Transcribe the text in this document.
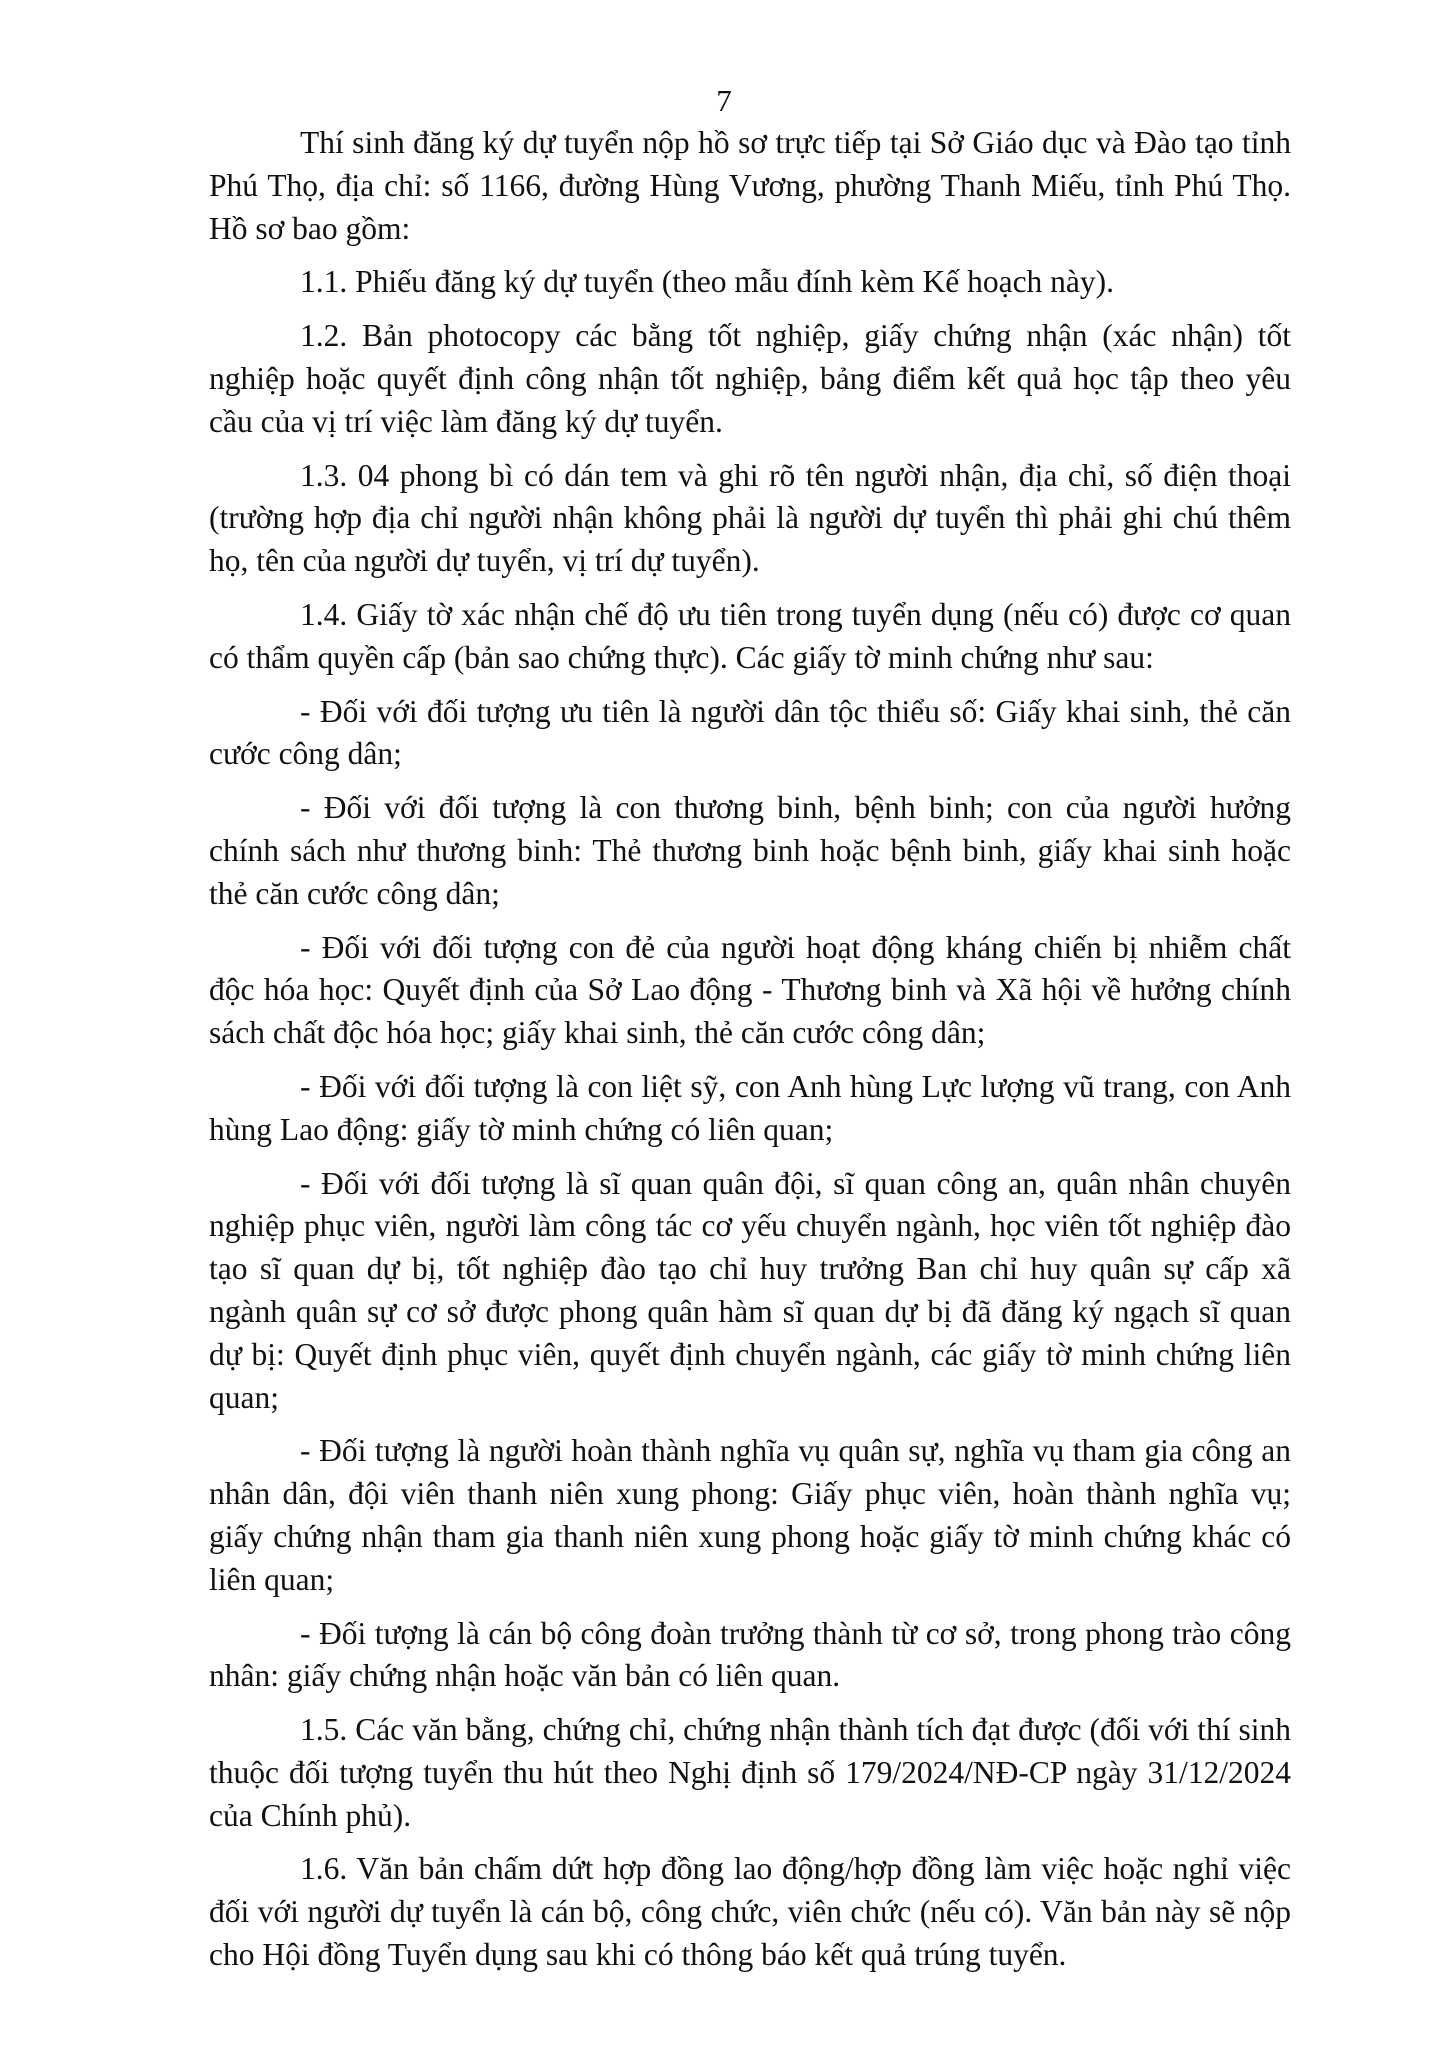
7

Thí sinh đăng ký dự tuyển nộp hồ sơ trực tiếp tại Sở Giáo dục và Đào tạo tỉnh Phú Thọ, địa chỉ: số 1166, đường Hùng Vương, phường Thanh Miếu, tỉnh Phú Thọ. Hồ sơ bao gồm:

1.1. Phiếu đăng ký dự tuyển (theo mẫu đính kèm Kế hoạch này).

1.2. Bản photocopy các bằng tốt nghiệp, giấy chứng nhận (xác nhận) tốt nghiệp hoặc quyết định công nhận tốt nghiệp, bảng điểm kết quả học tập theo yêu cầu của vị trí việc làm đăng ký dự tuyển.

1.3. 04 phong bì có dán tem và ghi rõ tên người nhận, địa chỉ, số điện thoại (trường hợp địa chỉ người nhận không phải là người dự tuyển thì phải ghi chú thêm họ, tên của người dự tuyển, vị trí dự tuyển).

1.4. Giấy tờ xác nhận chế độ ưu tiên trong tuyển dụng (nếu có) được cơ quan có thẩm quyền cấp (bản sao chứng thực). Các giấy tờ minh chứng như sau:

- Đối với đối tượng ưu tiên là người dân tộc thiểu số: Giấy khai sinh, thẻ căn cước công dân;

- Đối với đối tượng là con thương binh, bệnh binh; con của người hưởng chính sách như thương binh: Thẻ thương binh hoặc bệnh binh, giấy khai sinh hoặc thẻ căn cước công dân;

- Đối với đối tượng con đẻ của người hoạt động kháng chiến bị nhiễm chất độc hóa học: Quyết định của Sở Lao động - Thương binh và Xã hội về hưởng chính sách chất độc hóa học; giấy khai sinh, thẻ căn cước công dân;

- Đối với đối tượng là con liệt sỹ, con Anh hùng Lực lượng vũ trang, con Anh hùng Lao động: giấy tờ minh chứng có liên quan;

- Đối với đối tượng là sĩ quan quân đội, sĩ quan công an, quân nhân chuyên nghiệp phục viên, người làm công tác cơ yếu chuyển ngành, học viên tốt nghiệp đào tạo sĩ quan dự bị, tốt nghiệp đào tạo chỉ huy trưởng Ban chỉ huy quân sự cấp xã ngành quân sự cơ sở được phong quân hàm sĩ quan dự bị đã đăng ký ngạch sĩ quan dự bị: Quyết định phục viên, quyết định chuyển ngành, các giấy tờ minh chứng liên quan;

- Đối tượng là người hoàn thành nghĩa vụ quân sự, nghĩa vụ tham gia công an nhân dân, đội viên thanh niên xung phong: Giấy phục viên, hoàn thành nghĩa vụ; giấy chứng nhận tham gia thanh niên xung phong hoặc giấy tờ minh chứng khác có liên quan;

- Đối tượng là cán bộ công đoàn trưởng thành từ cơ sở, trong phong trào công nhân: giấy chứng nhận hoặc văn bản có liên quan.

1.5. Các văn bằng, chứng chỉ, chứng nhận thành tích đạt được (đối với thí sinh thuộc đối tượng tuyển thu hút theo Nghị định số 179/2024/NĐ-CP ngày 31/12/2024 của Chính phủ).

1.6. Văn bản chấm dứt hợp đồng lao động/hợp đồng làm việc hoặc nghỉ việc đối với người dự tuyển là cán bộ, công chức, viên chức (nếu có). Văn bản này sẽ nộp cho Hội đồng Tuyển dụng sau khi có thông báo kết quả trúng tuyển.
